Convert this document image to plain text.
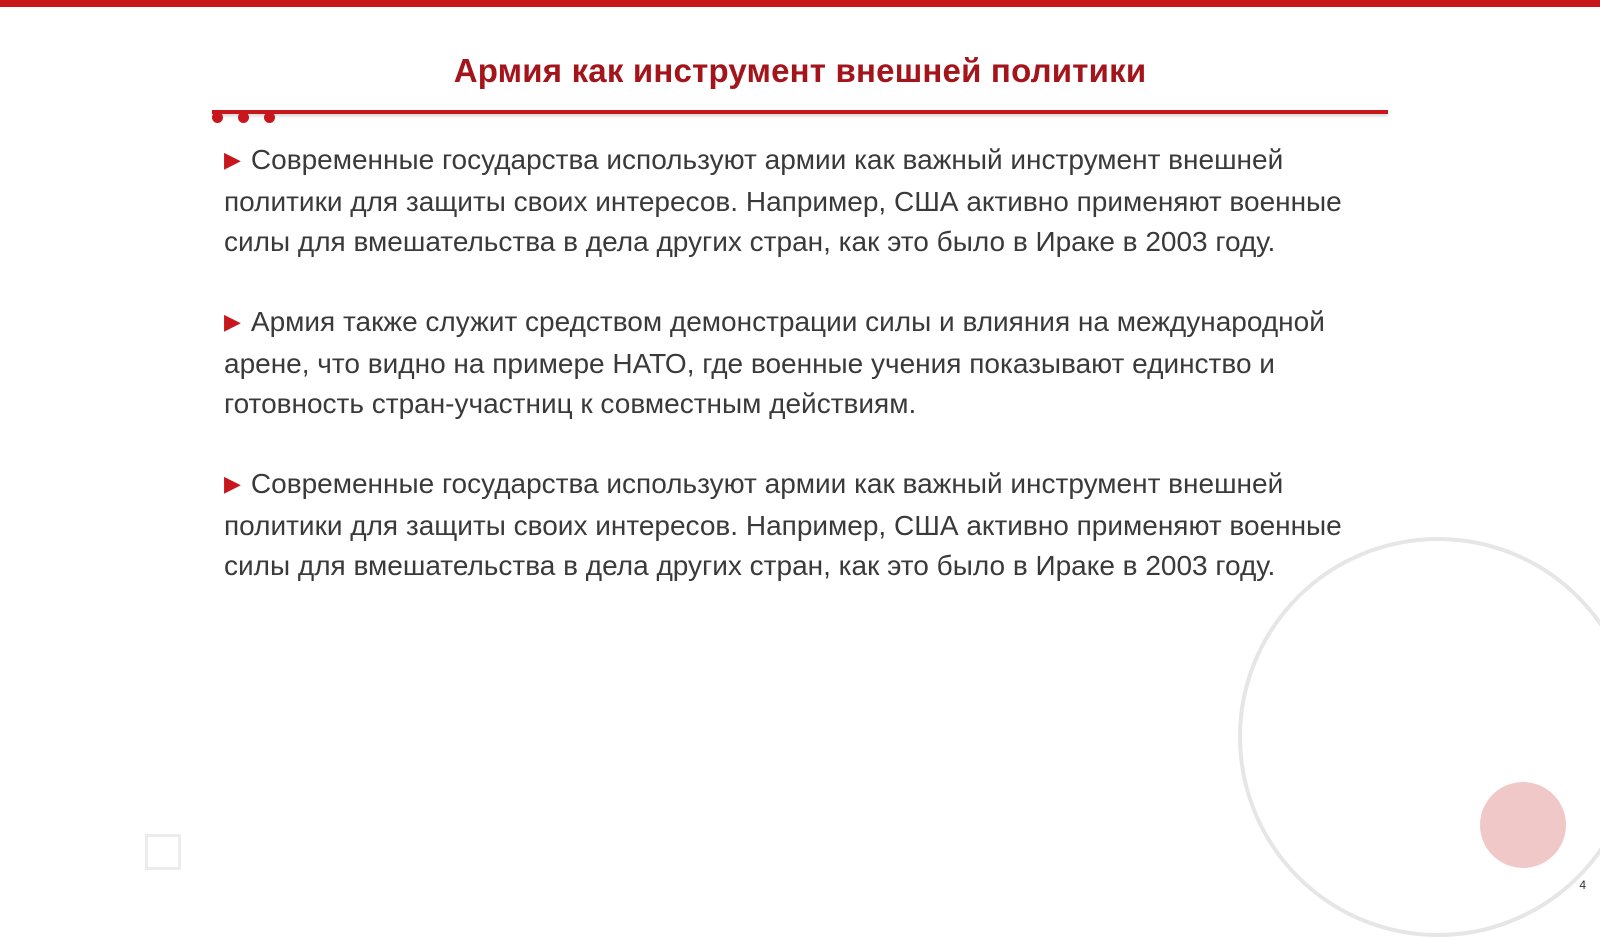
Армия как инструмент внешней политики

▶ Современные государства используют армии как важный инструмент внешней политики для защиты своих интересов. Например, США активно применяют военные силы для вмешательства в дела других стран, как это было в Ираке в 2003 году.

▶ Армия также служит средством демонстрации силы и влияния на международной арене, что видно на примере НАТО, где военные учения показывают единство и готовность стран-участниц к совместным действиям.

▶ Современные государства используют армии как важный инструмент внешней политики для защиты своих интересов. Например, США активно применяют военные силы для вмешательства в дела других стран, как это было в Ираке в 2003 году.

4
